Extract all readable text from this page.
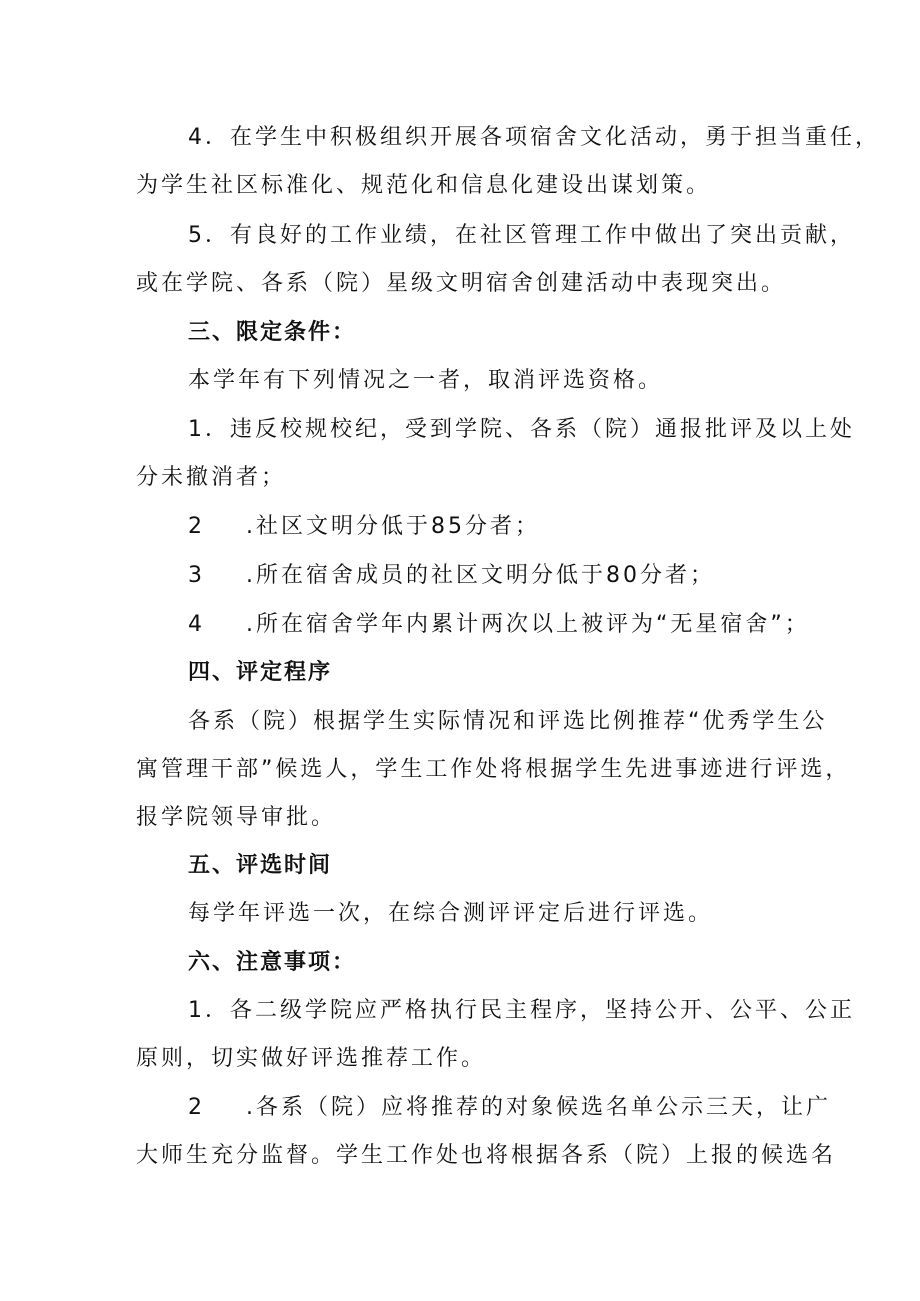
4．在学生中积极组织开展各项宿舍文化活动，勇于担当重任，
为学生社区标准化、规范化和信息化建设出谋划策。
5．有良好的工作业绩，在社区管理工作中做出了突出贡献，
或在学院、各系（院）星级文明宿舍创建活动中表现突出。
三、限定条件：
本学年有下列情况之一者，取消评选资格。
1．违反校规校纪，受到学院、各系（院）通报批评及以上处
分未撤消者；
2 .社区文明分低于85分者；
3 .所在宿舍成员的社区文明分低于80分者；
4 .所在宿舍学年内累计两次以上被评为“无星宿舍”；
四、评定程序
各系（院）根据学生实际情况和评选比例推荐“优秀学生公
寓管理干部”候选人，学生工作处将根据学生先进事迹进行评选，
报学院领导审批。
五、评选时间
每学年评选一次，在综合测评评定后进行评选。
六、注意事项：
1．各二级学院应严格执行民主程序，坚持公开、公平、公正
原则，切实做好评选推荐工作。
2 .各系（院）应将推荐的对象候选名单公示三天，让广
大师生充分监督。学生工作处也将根据各系（院）上报的候选名
